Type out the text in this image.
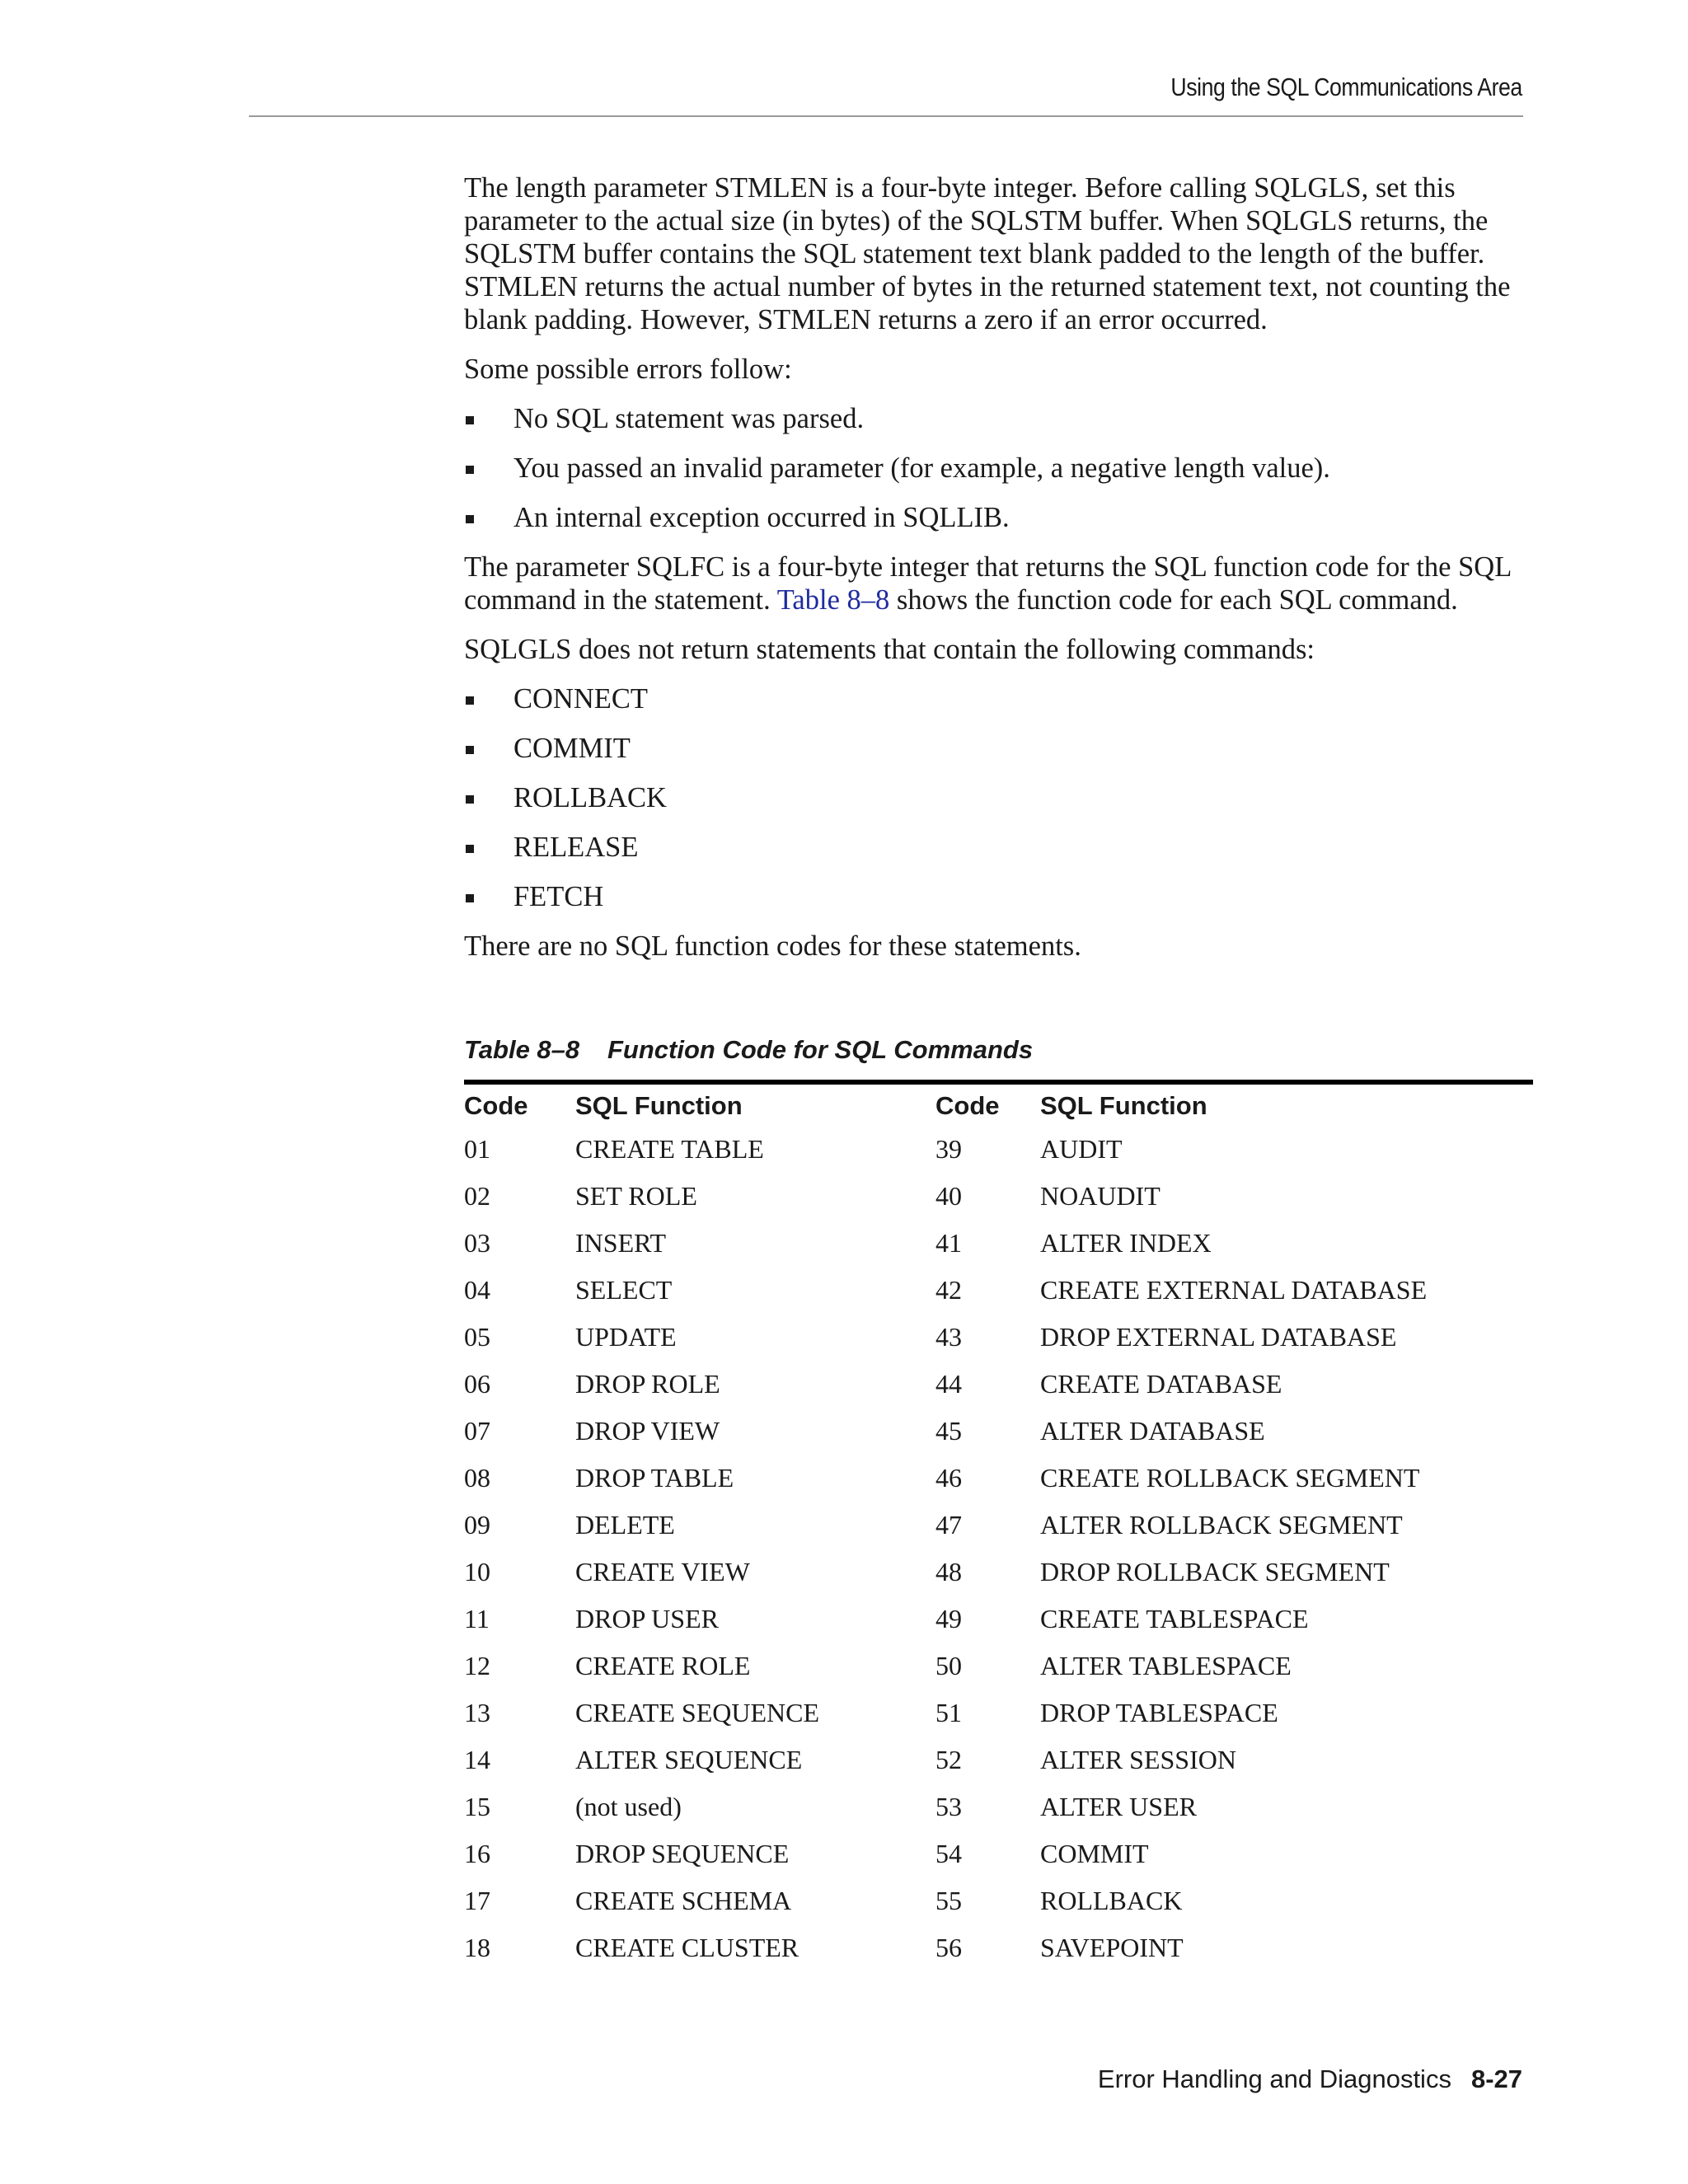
Using the SQL Communications Area

The length parameter STMLEN is a four-byte integer. Before calling SQLGLS, set this parameter to the actual size (in bytes) of the SQLSTM buffer. When SQLGLS returns, the SQLSTM buffer contains the SQL statement text blank padded to the length of the buffer. STMLEN returns the actual number of bytes in the returned statement text, not counting the blank padding. However, STMLEN returns a zero if an error occurred.

Some possible errors follow:

No SQL statement was parsed.
You passed an invalid parameter (for example, a negative length value).
An internal exception occurred in SQLLIB.

The parameter SQLFC is a four-byte integer that returns the SQL function code for the SQL command in the statement. Table 8–8 shows the function code for each SQL command.

SQLGLS does not return statements that contain the following commands:

CONNECT
COMMIT
ROLLBACK
RELEASE
FETCH

There are no SQL function codes for these statements.

Table 8–8 Function Code for SQL Commands
Code	SQL Function	Code	SQL Function
01	CREATE TABLE	39	AUDIT
02	SET ROLE	40	NOAUDIT
03	INSERT	41	ALTER INDEX
04	SELECT	42	CREATE EXTERNAL DATABASE
05	UPDATE	43	DROP EXTERNAL DATABASE
06	DROP ROLE	44	CREATE DATABASE
07	DROP VIEW	45	ALTER DATABASE
08	DROP TABLE	46	CREATE ROLLBACK SEGMENT
09	DELETE	47	ALTER ROLLBACK SEGMENT
10	CREATE VIEW	48	DROP ROLLBACK SEGMENT
11	DROP USER	49	CREATE TABLESPACE
12	CREATE ROLE	50	ALTER TABLESPACE
13	CREATE SEQUENCE	51	DROP TABLESPACE
14	ALTER SEQUENCE	52	ALTER SESSION
15	(not used)	53	ALTER USER
16	DROP SEQUENCE	54	COMMIT
17	CREATE SCHEMA	55	ROLLBACK
18	CREATE CLUSTER	56	SAVEPOINT
Error Handling and Diagnostics 8-27
